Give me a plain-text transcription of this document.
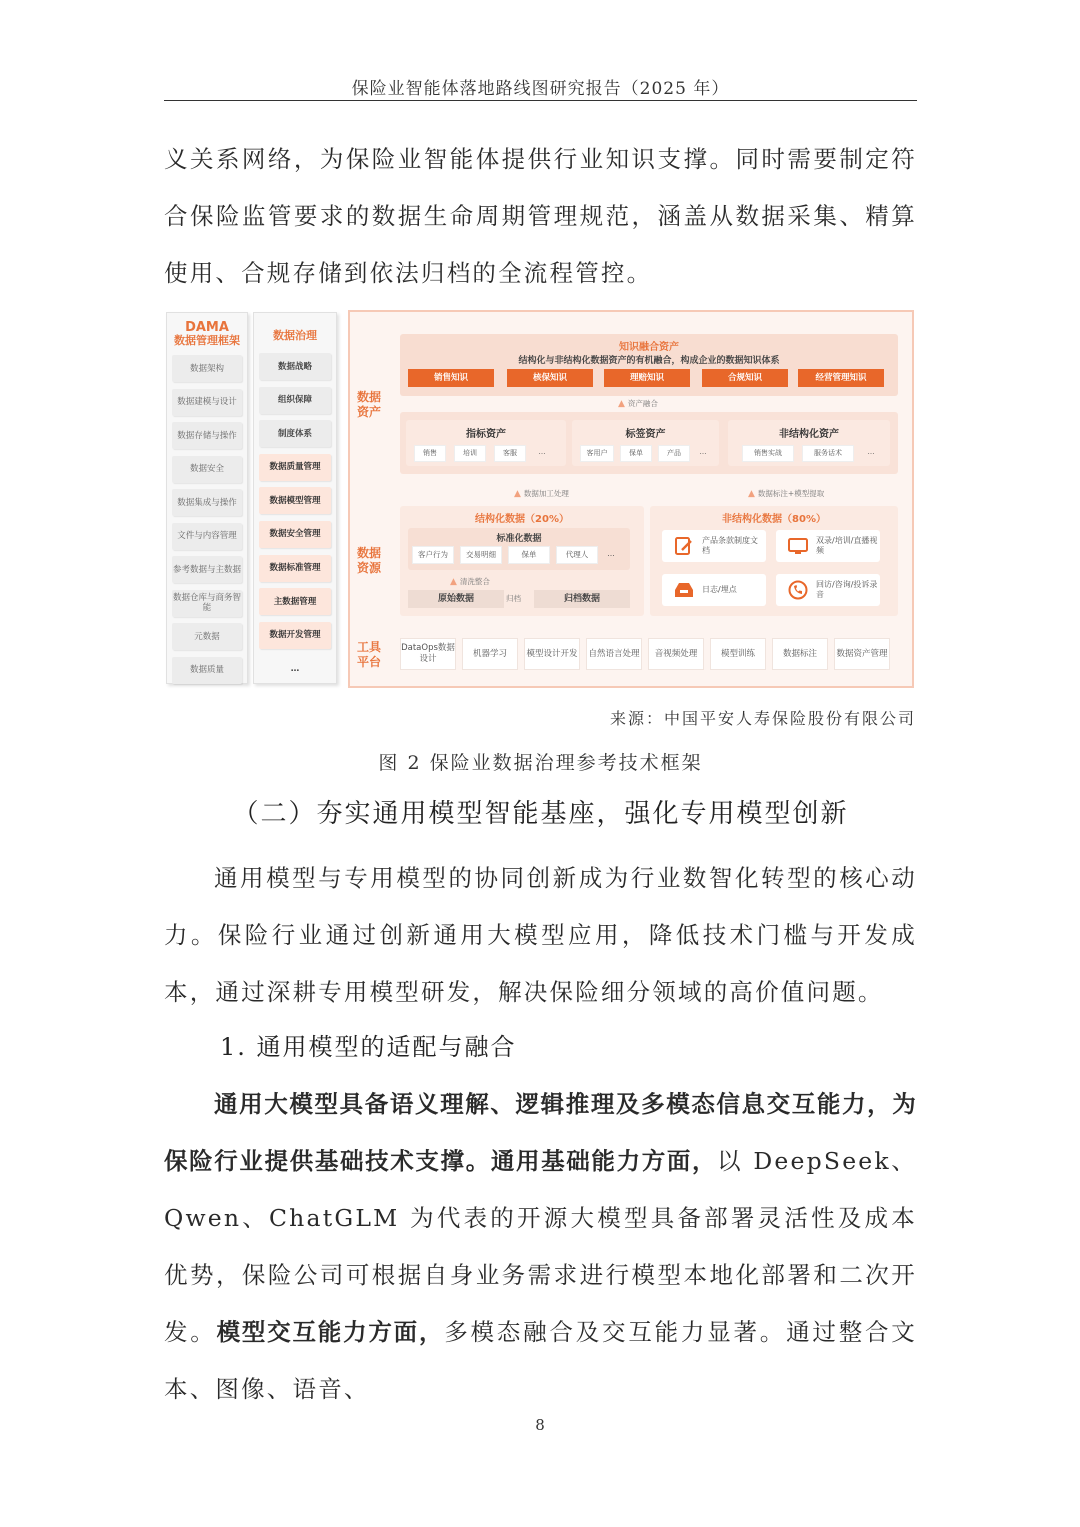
保险业智能体落地路线图研究报告（2025 年）

义关系网络，为保险业智能体提供行业知识支撑。同时需要制定符合保险监管要求的数据生命周期管理规范，涵盖从数据采集、精算使用、合规存储到依法归档的全流程管控。

DAMA
数据管理框架
数据架构
数据建模与设计
数据存储与操作
数据安全
数据集成与操作
文件与内容管理
参考数据与主数据
数据仓库与商务智能
元数据
数据质量
数据治理
数据战略
组织保障
制度体系
数据质量管理
数据模型管理
数据安全管理
数据标准管理
主数据管理
数据开发管理
…
数据资产
数据资源
工具平台
知识融合资产
结构化与非结构化数据资产的有机融合，构成企业的数据知识体系
销售知识	核保知识	理赔知识	合规知识	经营管理知识
▲ 资产融合
指标资产
销售	培训	客服	…
标签资产
客用户	保单	产品	…
非结构化资产
销售实战	服务话术	…
▲ 数据加工处理	▲ 数据标注+模型提取
结构化数据（20%）
标准化数据
客户行为	交易明细	保单	代理人	…
▲ 清洗整合
原始数据	归档	归档数据
非结构化数据（80%）
产品条款制度文档
双录/培训/直播视频
日志/埋点
回访/咨询/投诉录音
DataOps数据设计
机器学习	模型设计开发 自然语言处理	音视频处理	模型训练	数据标注	数据资产管理
来源：中国平安人寿保险股份有限公司
图 2 保险业数据治理参考技术框架
（二）夯实通用模型智能基座，强化专用模型创新

通用模型与专用模型的协同创新成为行业数智化转型的核心动力。保险行业通过创新通用大模型应用，降低技术门槛与开发成本，通过深耕专用模型研发，解决保险细分领域的高价值问题。

1. 通用模型的适配与融合

通用大模型具备语义理解、逻辑推理及多模态信息交互能力，为保险行业提供基础技术支撑。通用基础能力方面，以 DeepSeek、Qwen、ChatGLM 为代表的开源大模型具备部署灵活性及成本优势，保险公司可根据自身业务需求进行模型本地化部署和二次开发。模型交互能力方面，多模态融合及交互能力显著。通过整合文本、图像、语音、

8
